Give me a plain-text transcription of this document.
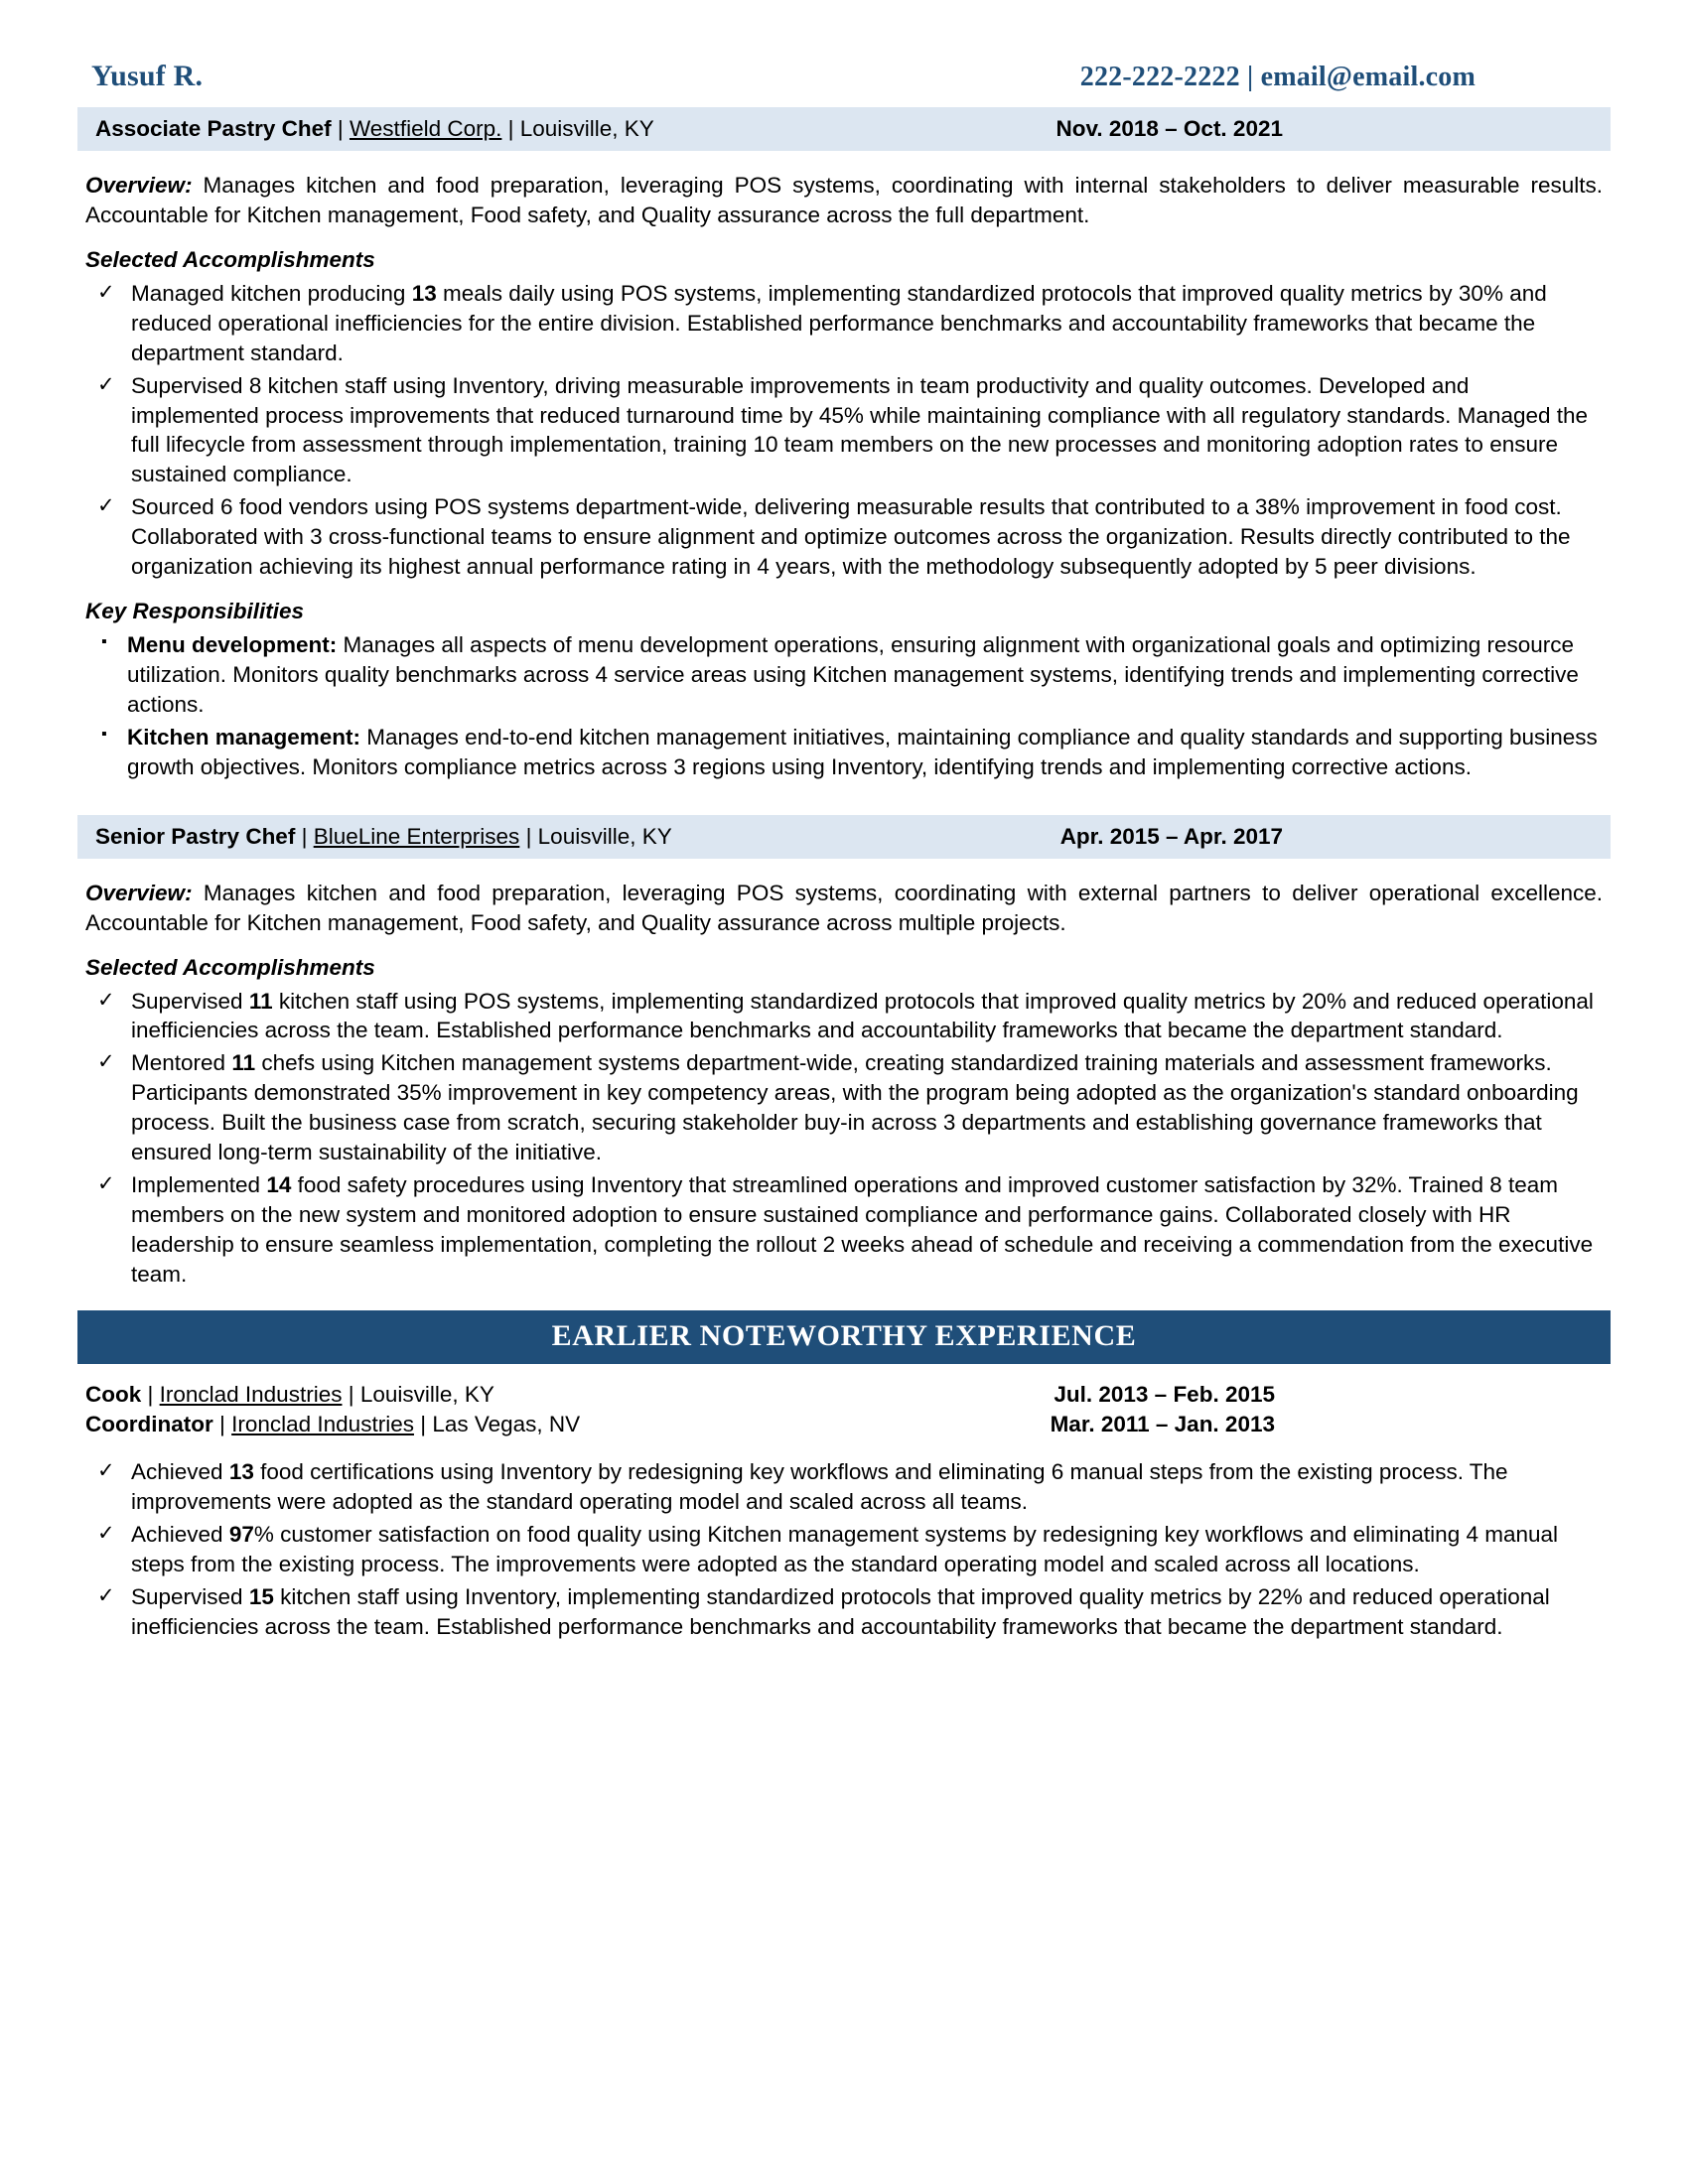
Yusuf R.	222-222-2222 | email@email.com
Associate Pastry Chef | Westfield Corp. | Louisville, KY	Nov. 2018 – Oct. 2021

Overview: Manages kitchen and food preparation, leveraging POS systems, coordinating with internal stakeholders to deliver measurable results. Accountable for Kitchen management, Food safety, and Quality assurance across the full department.

Selected Accomplishments
✓ Managed kitchen producing 13 meals daily using POS systems, implementing standardized protocols that improved quality metrics by 30% and reduced operational inefficiencies for the entire division. Established performance benchmarks and accountability frameworks that became the department standard.
✓ Supervised 8 kitchen staff using Inventory, driving measurable improvements in team productivity and quality outcomes. Developed and implemented process improvements that reduced turnaround time by 45% while maintaining compliance with all regulatory standards. Managed the full lifecycle from assessment through implementation, training 10 team members on the new processes and monitoring adoption rates to ensure sustained compliance.
✓ Sourced 6 food vendors using POS systems department-wide, delivering measurable results that contributed to a 38% improvement in food cost. Collaborated with 3 cross-functional teams to ensure alignment and optimize outcomes across the organization. Results directly contributed to the organization achieving its highest annual performance rating in 4 years, with the methodology subsequently adopted by 5 peer divisions.
Key Responsibilities
▪ Menu development: Manages all aspects of menu development operations, ensuring alignment with organizational goals and optimizing resource utilization. Monitors quality benchmarks across 4 service areas using Kitchen management systems, identifying trends and implementing corrective actions.
▪ Kitchen management: Manages end-to-end kitchen management initiatives, maintaining compliance and quality standards and supporting business growth objectives. Monitors compliance metrics across 3 regions using Inventory, identifying trends and implementing corrective actions.
Senior Pastry Chef | BlueLine Enterprises | Louisville, KY	Apr. 2015 – Apr. 2017

Overview: Manages kitchen and food preparation, leveraging POS systems, coordinating with external partners to deliver operational excellence. Accountable for Kitchen management, Food safety, and Quality assurance across multiple projects.

Selected Accomplishments
✓ Supervised 11 kitchen staff using POS systems, implementing standardized protocols that improved quality metrics by 20% and reduced operational inefficiencies across the team. Established performance benchmarks and accountability frameworks that became the department standard.
✓ Mentored 11 chefs using Kitchen management systems department-wide, creating standardized training materials and assessment frameworks. Participants demonstrated 35% improvement in key competency areas, with the program being adopted as the organization's standard onboarding process. Built the business case from scratch, securing stakeholder buy-in across 3 departments and establishing governance frameworks that ensured long-term sustainability of the initiative.
✓ Implemented 14 food safety procedures using Inventory that streamlined operations and improved customer satisfaction by 32%. Trained 8 team members on the new system and monitored adoption to ensure sustained compliance and performance gains. Collaborated closely with HR leadership to ensure seamless implementation, completing the rollout 2 weeks ahead of schedule and receiving a commendation from the executive team.
EARLIER NOTEWORTHY EXPERIENCE
Cook | Ironclad Industries | Louisville, KY	Jul. 2013 – Feb. 2015
Coordinator | Ironclad Industries | Las Vegas, NV	Mar. 2011 – Jan. 2013
✓ Achieved 13 food certifications using Inventory by redesigning key workflows and eliminating 6 manual steps from the existing process. The improvements were adopted as the standard operating model and scaled across all teams.
✓ Achieved 97% customer satisfaction on food quality using Kitchen management systems by redesigning key workflows and eliminating 4 manual steps from the existing process. The improvements were adopted as the standard operating model and scaled across all locations.
✓ Supervised 15 kitchen staff using Inventory, implementing standardized protocols that improved quality metrics by 22% and reduced operational inefficiencies across the team. Established performance benchmarks and accountability frameworks that became the department standard.
